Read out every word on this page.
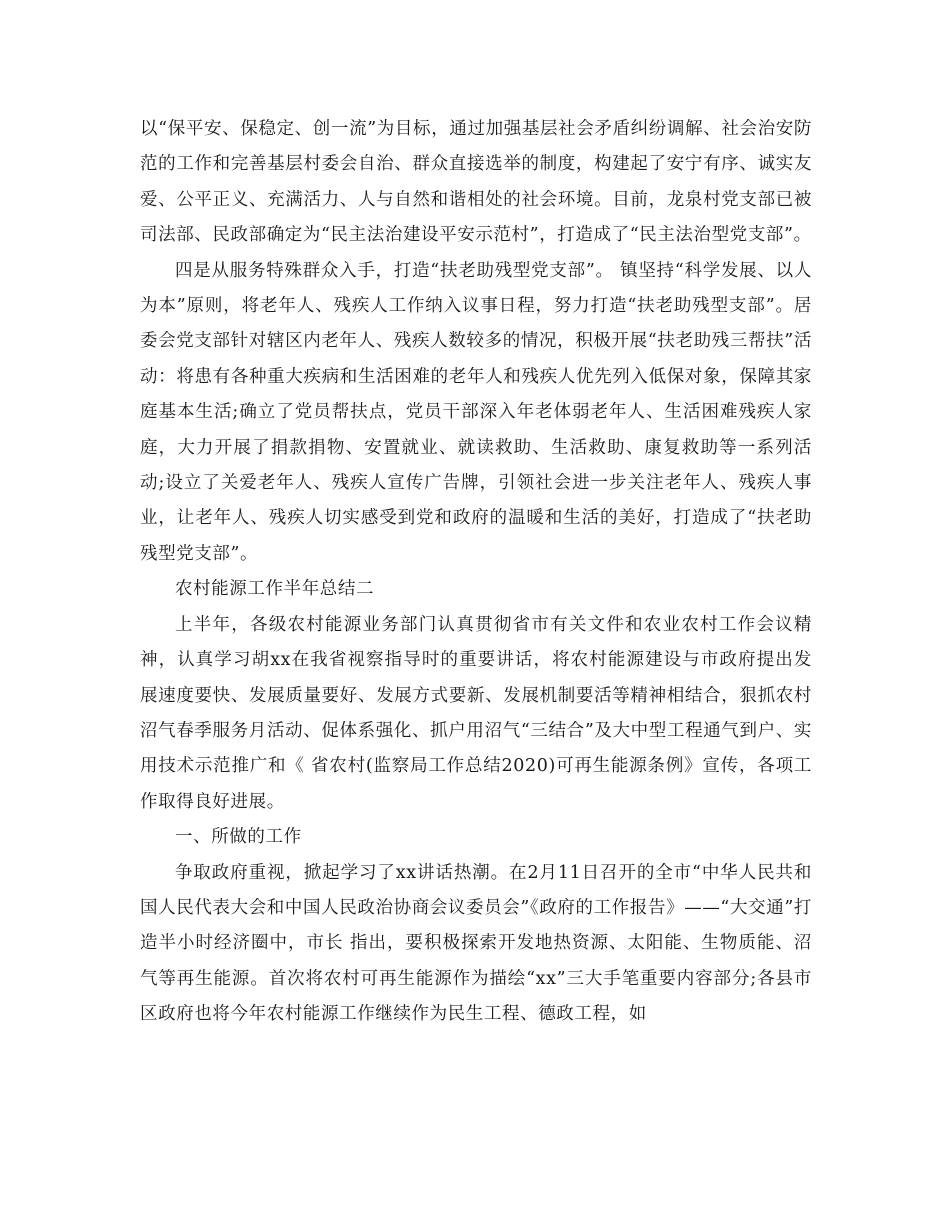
以“保平安、保稳定、创一流”为目标，通过加强基层社会矛盾纠纷调解、社会治安防范的工作和完善基层村委会自治、群众直接选举的制度，构建起了安宁有序、诚实友爱、公平正义、充满活力、人与自然和谐相处的社会环境。目前，龙泉村党支部已被司法部、民政部确定为“民主法治建设平安示范村”，打造成了“民主法治型党支部”。

四是从服务特殊群众入手，打造“扶老助残型党支部”。 镇坚持“科学发展、以人为本”原则，将老年人、残疾人工作纳入议事日程，努力打造“扶老助残型支部”。居委会党支部针对辖区内老年人、残疾人数较多的情况，积极开展“扶老助残三帮扶”活动：将患有各种重大疾病和生活困难的老年人和残疾人优先列入低保对象，保障其家庭基本生活;确立了党员帮扶点，党员干部深入年老体弱老年人、生活困难残疾人家庭，大力开展了捐款捐物、安置就业、就读救助、生活救助、康复救助等一系列活动;设立了关爱老年人、残疾人宣传广告牌，引领社会进一步关注老年人、残疾人事业，让老年人、残疾人切实感受到党和政府的温暖和生活的美好，打造成了“扶老助残型党支部”。

农村能源工作半年总结二

上半年，各级农村能源业务部门认真贯彻省市有关文件和农业农村工作会议精神，认真学习胡xx在我省视察指导时的重要讲话，将农村能源建设与市政府提出发展速度要快、发展质量要好、发展方式要新、发展机制要活等精神相结合，狠抓农村沼气春季服务月活动、促体系强化、抓户用沼气“三结合”及大中型工程通气到户、实用技术示范推广和《 省农村(监察局工作总结2020)可再生能源条例》宣传，各项工作取得良好进展。

一、所做的工作

争取政府重视，掀起学习了xx讲话热潮。在2月11日召开的全市“中华人民共和国人民代表大会和中国人民政治协商会议委员会”《政府的工作报告》——“大交通”打造半小时经济圈中，市长 指出，要积极探索开发地热资源、太阳能、生物质能、沼气等再生能源。首次将农村可再生能源作为描绘“xx”三大手笔重要内容部分;各县市区政府也将今年农村能源工作继续作为民生工程、德政工程，如
